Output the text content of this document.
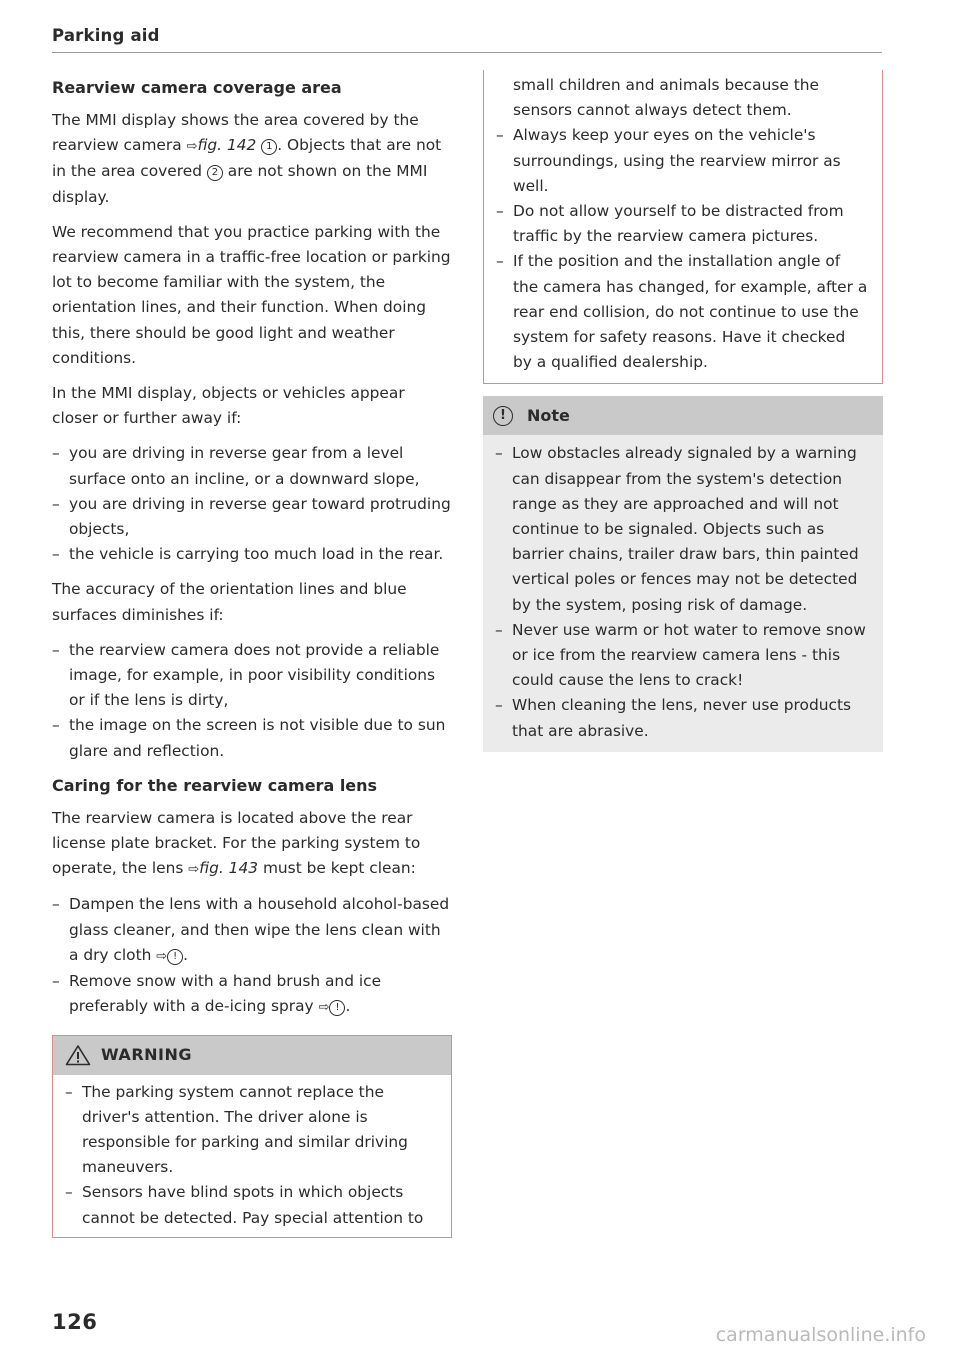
Parking aid
Rearview camera coverage area

The MMI display shows the area covered by the rearview camera ⇨fig. 142 1 . Objects that are not in the area covered 2 are not shown on the MMI display.

We recommend that you practice parking with the rearview camera in a traffic-free location or parking lot to become familiar with the system, the orientation lines, and their function. When doing this, there should be good light and weather conditions.

In the MMI display, objects or vehicles appear closer or further away if:

– you are driving in reverse gear from a level surface onto an incline, or a downward slope,
– you are driving in reverse gear toward protruding objects,
– the vehicle is carrying too much load in the rear.

The accuracy of the orientation lines and blue surfaces diminishes if:

– the rearview camera does not provide a reliable image, for example, in poor visibility conditions or if the lens is dirty,
– the image on the screen is not visible due to sun glare and reflection.
Caring for the rearview camera lens

The rearview camera is located above the rear license plate bracket. For the parking system to operate, the lens ⇨fig. 143 must be kept clean:

– Dampen the lens with a household alcohol-based glass cleaner, and then wipe the lens clean with a dry cloth ⇨ ! .
– Remove snow with a hand brush and ice preferably with a de-icing spray ⇨ ! .
WARNING
– The parking system cannot replace the driver's attention. The driver alone is responsible for parking and similar driving maneuvers.
– Sensors have blind spots in which objects cannot be detected. Pay special attention to

small children and animals because the sensors cannot always detect them.

– Always keep your eyes on the vehicle's surroundings, using the rearview mirror as well.
– Do not allow yourself to be distracted from traffic by the rearview camera pictures.
– If the position and the installation angle of the camera has changed, for example, after a rear end collision, do not continue to use the system for safety reasons. Have it checked by a qualified dealership.
!	Note
– Low obstacles already signaled by a warning can disappear from the system's detection range as they are approached and will not continue to be signaled. Objects such as barrier chains, trailer draw bars, thin painted vertical poles or fences may not be detected by the system, posing risk of damage.
– Never use warm or hot water to remove snow or ice from the rearview camera lens - this could cause the lens to crack!
– When cleaning the lens, never use products that are abrasive.
126
carmanualsonline.info
